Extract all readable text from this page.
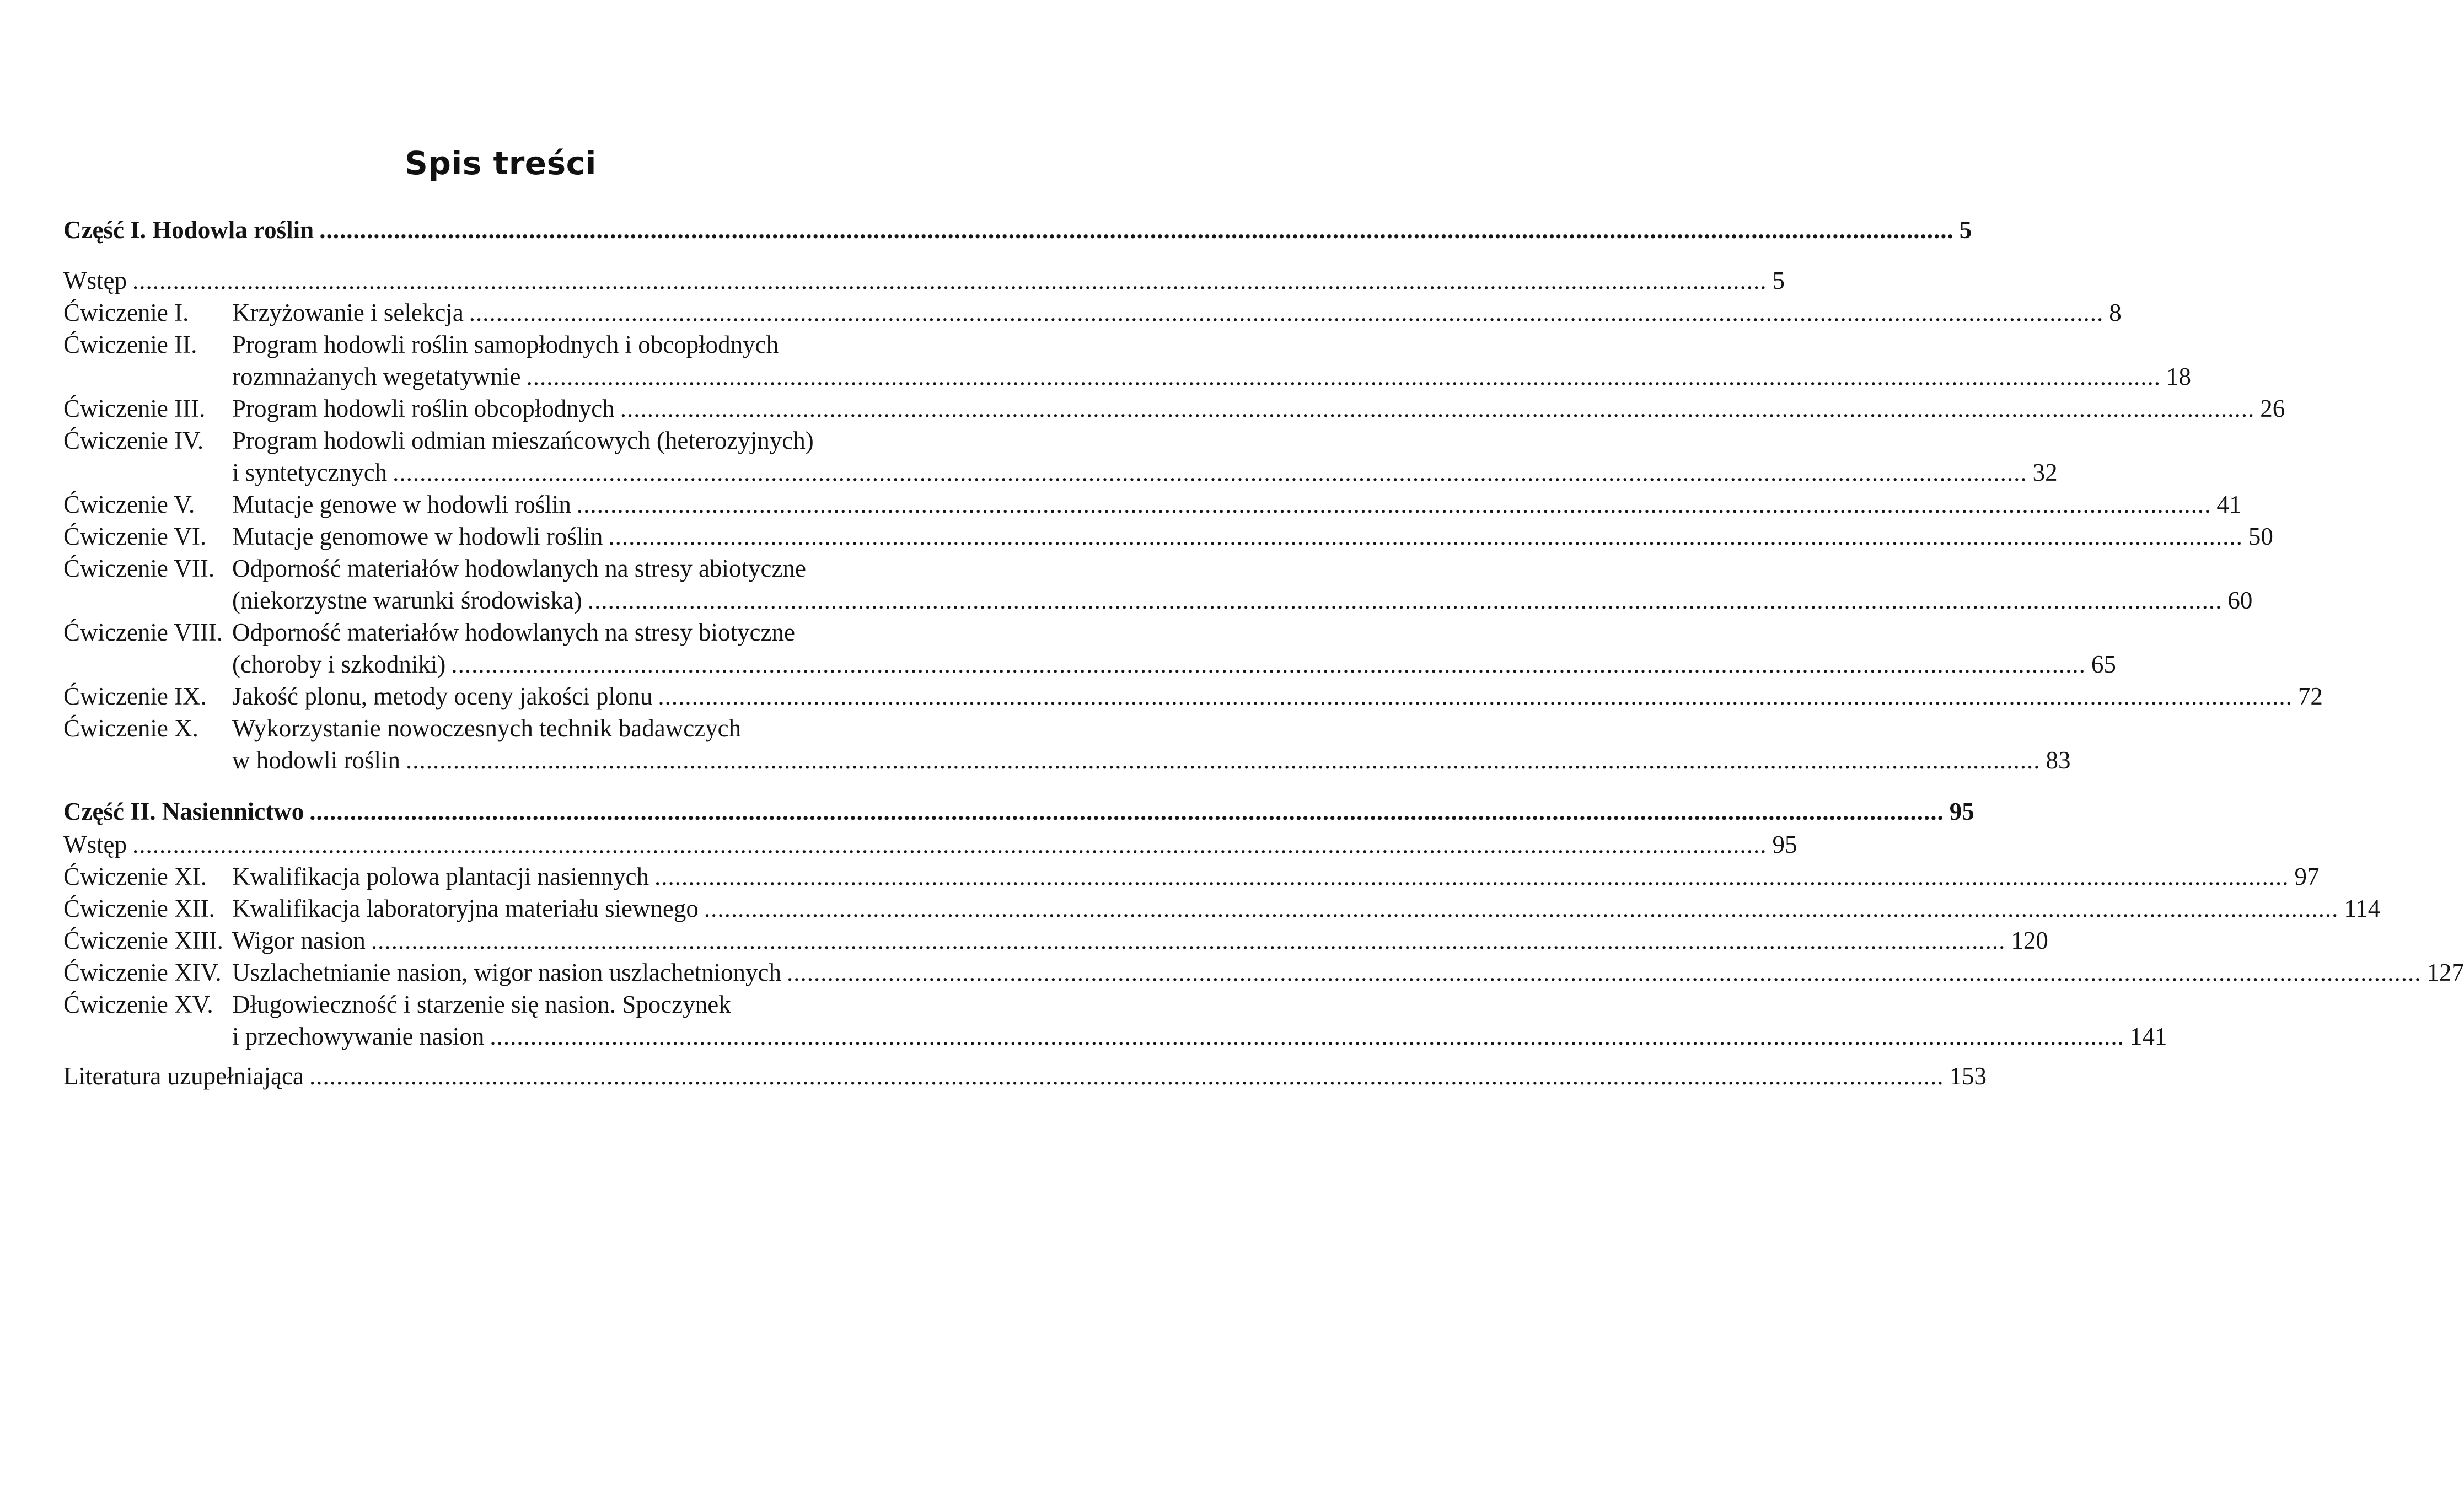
Spis treści
Część I. Hodowla roślin .....	5
Wstęp .....	5
Ćwiczenie I.	Krzyżowanie i selekcja .....	8
Ćwiczenie II.	Program hodowli roślin samopłodnych i obcopłodnych
rozmnażanych wegetatywnie .....	18
Ćwiczenie III.	Program hodowli roślin obcopłodnych .....	26
Ćwiczenie IV.	Program hodowli odmian mieszańcowych (heterozyjnych)
i syntetycznych .....	32
Ćwiczenie V.	Mutacje genowe w hodowli roślin .....	41
Ćwiczenie VI.	Mutacje genomowe w hodowli roślin .....	50
Ćwiczenie VII. Odporność materiałów hodowlanych na stresy abiotyczne
(niekorzystne warunki środowiska) .....	60
Ćwiczenie VIII. Odporność materiałów hodowlanych na stresy biotyczne
(choroby i szkodniki) .....	65
Ćwiczenie IX.	Jakość plonu, metody oceny jakości plonu .....	72
Ćwiczenie X.	Wykorzystanie nowoczesnych technik badawczych
w hodowli roślin .....	83
Część II. Nasiennictwo .....	95
Wstęp .....	95
Ćwiczenie XI.	Kwalifikacja polowa plantacji nasiennych .....	97
Ćwiczenie XII. Kwalifikacja laboratoryjna materiału siewnego .....	114
Ćwiczenie XIII. Wigor nasion .....	120
Ćwiczenie XIV. Uszlachetnianie nasion, wigor nasion uszlachetnionych .....	127
Ćwiczenie XV. Długowieczność i starzenie się nasion. Spoczynek
i przechowywanie nasion .....	141
Literatura uzupełniająca .....	153
